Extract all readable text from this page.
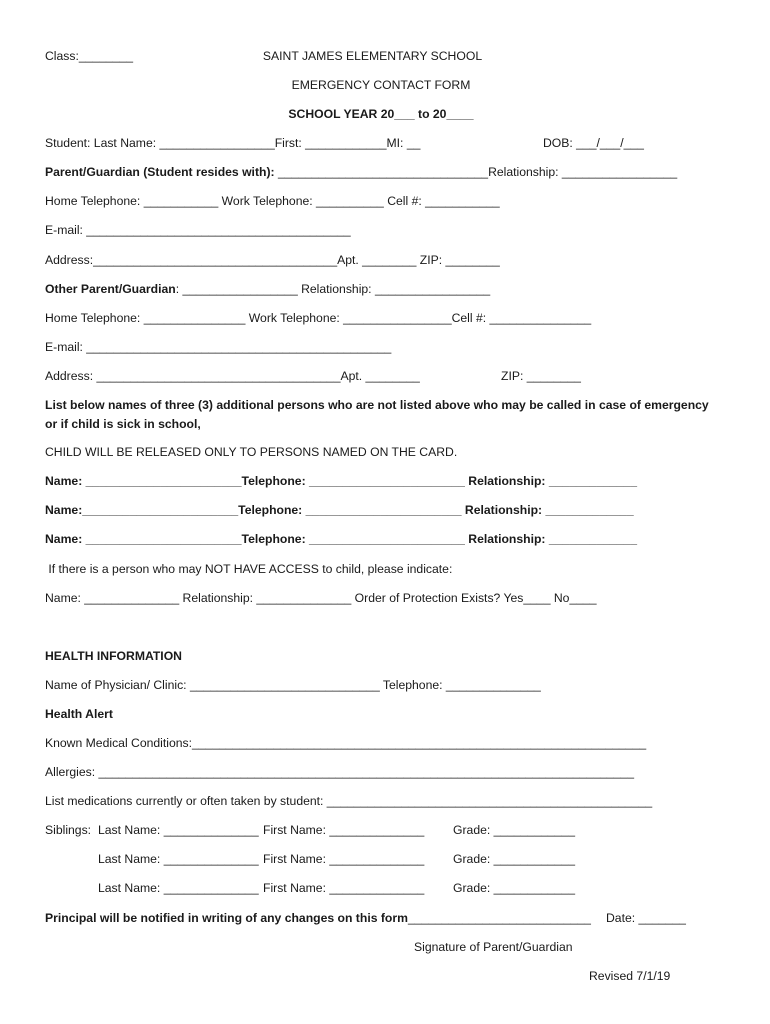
Class:________	SAINT JAMES ELEMENTARY SCHOOL
EMERGENCY CONTACT FORM
SCHOOL YEAR 20___ to 20____
Student: Last Name: _________________First: ____________MI: __	DOB: ___/___/___
Parent/Guardian (Student resides with): _______________________________Relationship: _________________
Home Telephone: ___________ Work Telephone: __________ Cell #: ___________
E-mail: _______________________________________
Address:____________________________________Apt. ________ ZIP: ________
Other Parent/Guardian: _________________ Relationship: _________________
Home Telephone: _______________ Work Telephone: ________________Cell #: _______________
E-mail: _____________________________________________
Address: ____________________________________Apt. ________	ZIP: ________
List below names of three (3) additional persons who are not listed above who may be called in case of emergency
or if child is sick in school,
CHILD WILL BE RELEASED ONLY TO PERSONS NAMED ON THE CARD.
Name: _______________________Telephone: _______________________ Relationship: _____________
Name:_______________________Telephone: _______________________ Relationship: _____________
Name: _______________________Telephone: _______________________ Relationship: _____________
If there is a person who may NOT HAVE ACCESS to child, please indicate:
Name: ______________ Relationship: ______________ Order of Protection Exists? Yes____ No____
HEALTH INFORMATION
Name of Physician/ Clinic: ____________________________ Telephone: ______________
Health Alert
Known Medical Conditions:___________________________________________________________________
Allergies: _______________________________________________________________________________
List medications currently or often taken by student: ________________________________________________
Siblings: Last Name: ______________ First Name: ______________ Grade: ____________
Last Name: ______________ First Name: ______________ Grade: ____________
Last Name: ______________ First Name: ______________ Grade: ____________
Principal will be notified in writing of any changes on this form___________________________ Date: _______
Signature of Parent/Guardian
Revised 7/1/19
